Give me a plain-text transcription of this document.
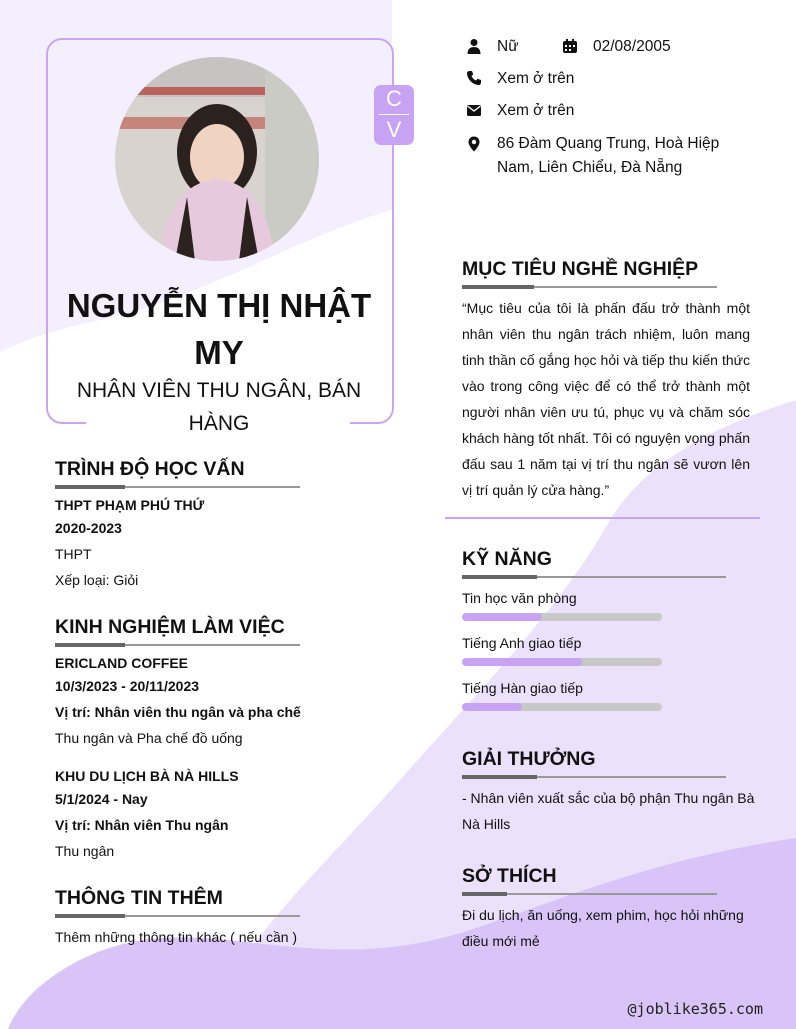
C
V
NGUYỄN THỊ NHẬT MY
NHÂN VIÊN THU NGÂN, BÁN HÀNG
Nữ	02/08/2005
Xem ở trên
Xem ở trên
86 Đàm Quang Trung, Hoà Hiệp Nam, Liên Chiểu, Đà Nẵng
TRÌNH ĐỘ HỌC VẤN
THPT PHẠM PHÚ THỨ
2020-2023
THPT
Xếp loại: Giỏi
KINH NGHIỆM LÀM VIỆC
ERICLAND COFFEE
10/3/2023 - 20/11/2023
Vị trí: Nhân viên thu ngân và pha chế
Thu ngân và Pha chế đồ uống
KHU DU LỊCH BÀ NÀ HILLS
5/1/2024 - Nay
Vị trí: Nhân viên Thu ngân
Thu ngân
THÔNG TIN THÊM
Thêm những thông tin khác ( nếu cần )
MỤC TIÊU NGHỀ NGHIỆP
“Mục tiêu của tôi là phấn đấu trở thành một nhân viên thu ngân trách nhiệm, luôn mang tinh thần cố gắng học hỏi và tiếp thu kiến thức vào trong công việc để có thể trở thành một người nhân viên ưu tú, phục vụ và chăm sóc khách hàng tốt nhất. Tôi có nguyện vọng phấn đấu sau 1 năm tại vị trí thu ngân sẽ vươn lên vị trí quản lý cửa hàng.”
KỸ NĂNG
Tin học văn phòng
Tiếng Anh giao tiếp
Tiếng Hàn giao tiếp
GIẢI THƯỞNG
- Nhân viên xuất sắc của bộ phận Thu ngân Bà Nà Hills
SỞ THÍCH
Đi du lịch, ăn uống, xem phim, học hỏi những điều mới mẻ
@joblike365.com
